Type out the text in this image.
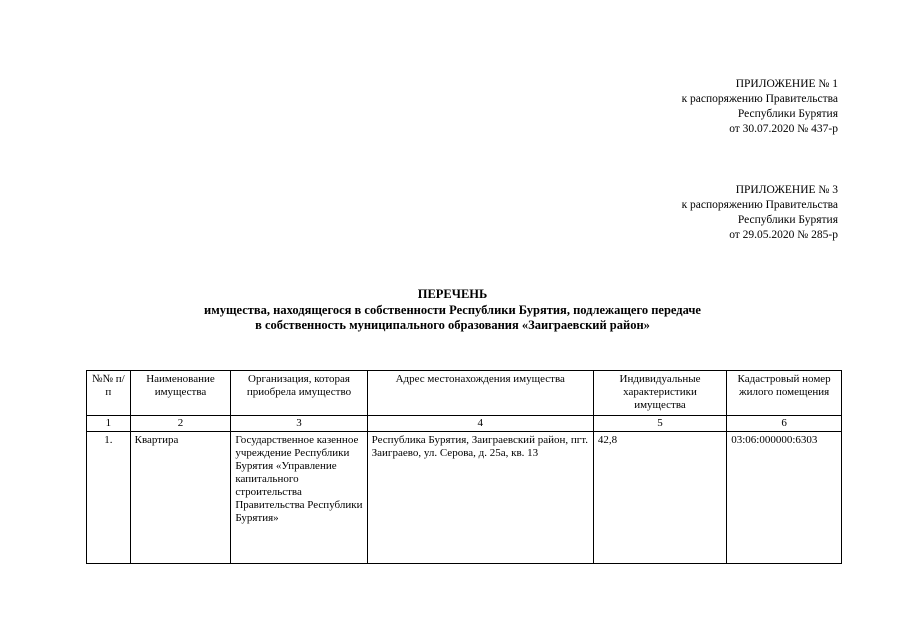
ПРИЛОЖЕНИЕ № 1
к распоряжению Правительства
Республики Бурятия
от 30.07.2020 № 437-р
ПРИЛОЖЕНИЕ № 3
к распоряжению Правительства
Республики Бурятия
от 29.05.2020 № 285-р
ПЕРЕЧЕНЬ
имущества, находящегося в собственности Республики Бурятия, подлежащего передаче
в собственность муниципального образования «Заиграевский район»
№№ п/п	Наименование имущества	Организация, которая приобрела имущество	Адрес местонахождения имущества	Индивидуальные характеристики имущества	Кадастровый номер жилого помещения
1	2	3	4	5	6
1.	Квартира	Государственное казенное учреждение Республики Бурятия «Управление капитального строительства Правительства Республики Бурятия»	Республика Бурятия, Заиграевский район, пгт. Заиграево, ул. Серова, д. 25а, кв. 13	42,8	03:06:000000:6303
